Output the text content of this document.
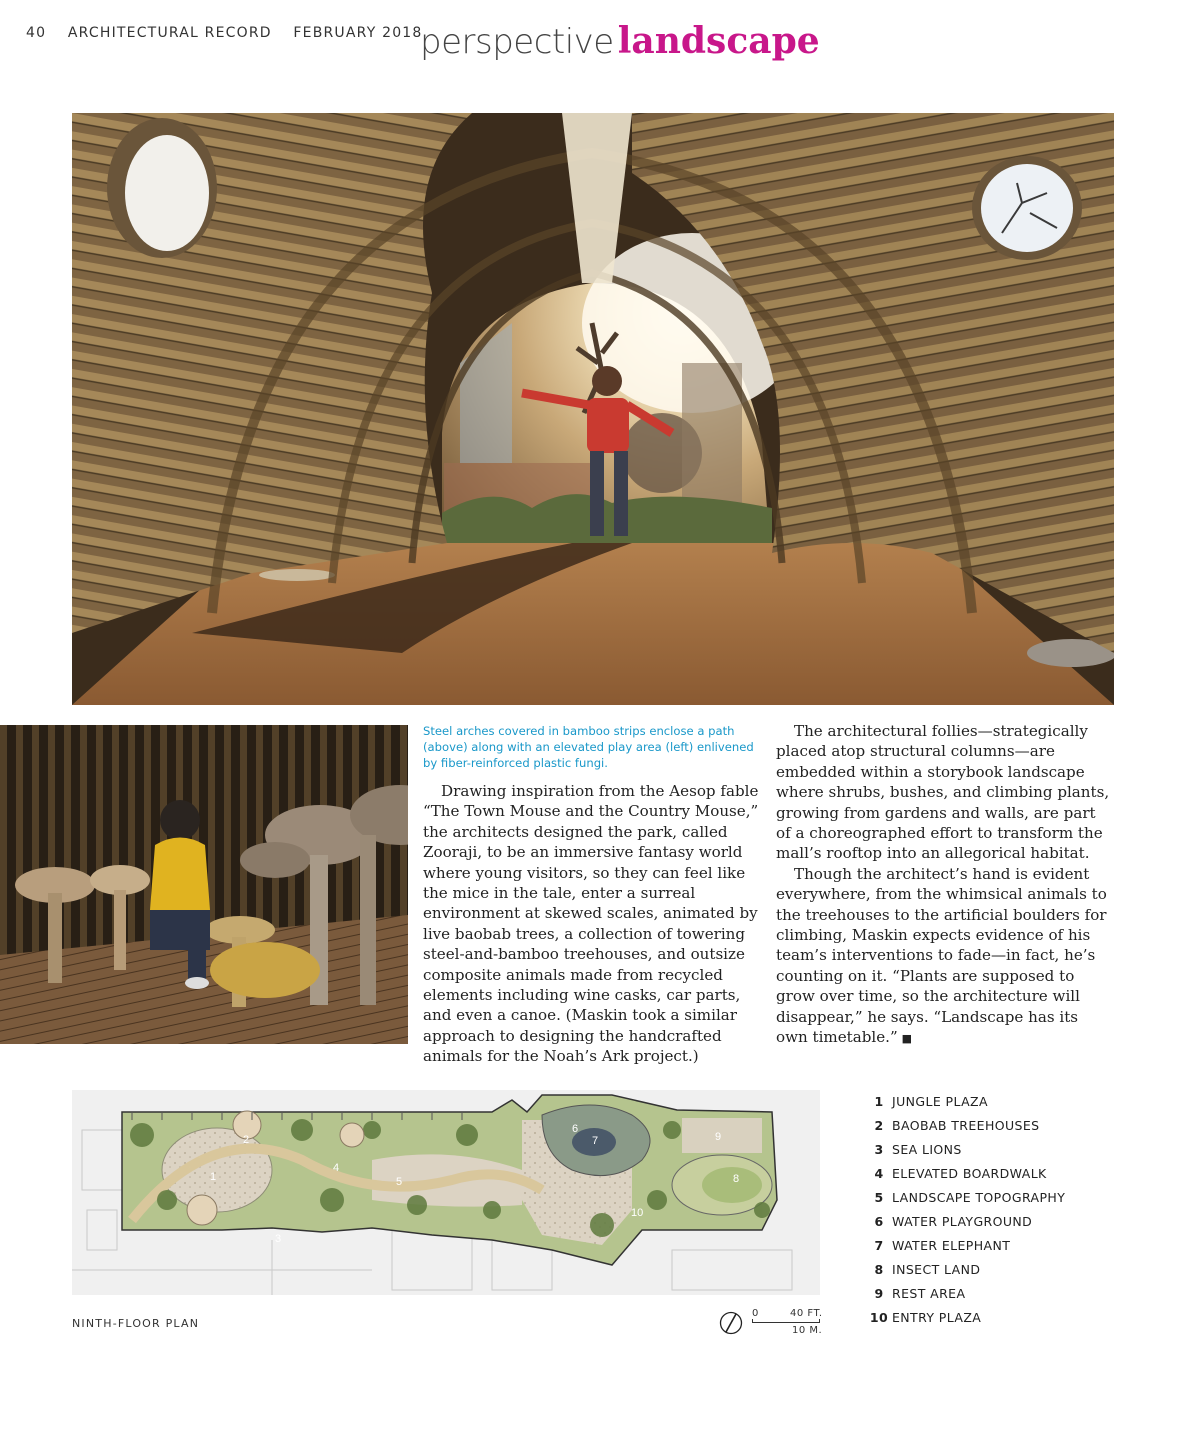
40 ARCHITECTURAL RECORD FEBRUARY 2018
perspective landscape
Steel arches covered in bamboo strips enclose a path (above) along with an elevated play area (left) enlivened by fiber-reinforced plastic fungi.

Drawing inspiration from the Aesop fable “The Town Mouse and the Country Mouse,” the architects designed the park, called Zooraji, to be an immersive fantasy world where young visitors, so they can feel like the mice in the tale, enter a surreal environment at skewed scales, animated by live baobab trees, a collection of towering steel-and-bamboo treehouses, and outsize composite animals made from recycled elements including wine casks, car parts, and even a canoe. (Maskin took a similar approach to designing the handcrafted animals for the Noah’s Ark project.)

The architectural follies—strategically placed atop structural columns—are embedded within a storybook landscape where shrubs, bushes, and climbing plants, growing from gardens and walls, are part of a choreographed effort to transform the mall’s rooftop into an allegorical habitat.

Though the architect’s hand is evident everywhere, from the whimsical animals to the treehouses to the artificial boulders for climbing, Maskin expects evidence of his team’s interventions to fade—in fact, he’s counting on it. “Plants are supposed to grow over time, so the architecture will disappear,” he says. “Landscape has its own timetable.” ■

1
2
3
4
5
6
7
8
9
10
NINTH-FLOOR PLAN
0	40 FT.
10 M.
1 JUNGLE PLAZA
2 BAOBAB TREEHOUSES
3 SEA LIONS
4 ELEVATED BOARDWALK
5 LANDSCAPE TOPOGRAPHY
6 WATER PLAYGROUND
7 WATER ELEPHANT
8 INSECT LAND
9 REST AREA
10 ENTRY PLAZA
